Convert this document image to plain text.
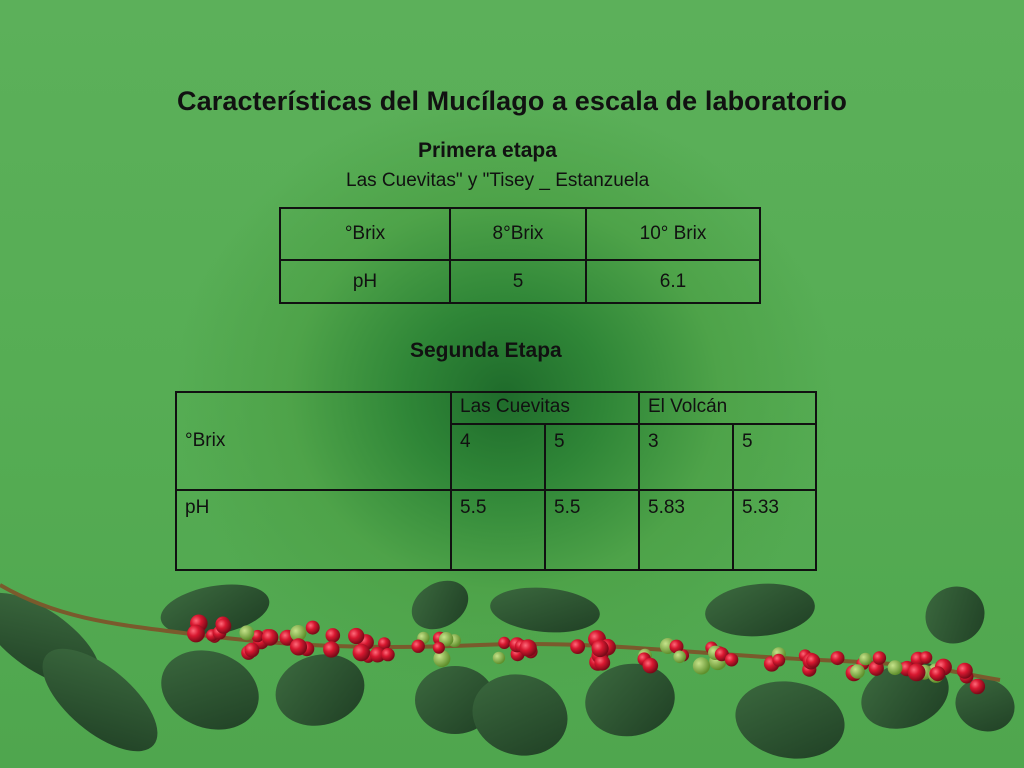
Características del Mucílago a escala de laboratorio
Primera etapa
Las Cuevitas" y "Tisey _ Estanzuela
°Brix	8°Brix	10° Brix
pH	5	6.1
Segunda Etapa
°Brix	Las Cuevitas		El Volcán	
	4	5	3	5
pH	5.5	5.5	5.83	5.33
